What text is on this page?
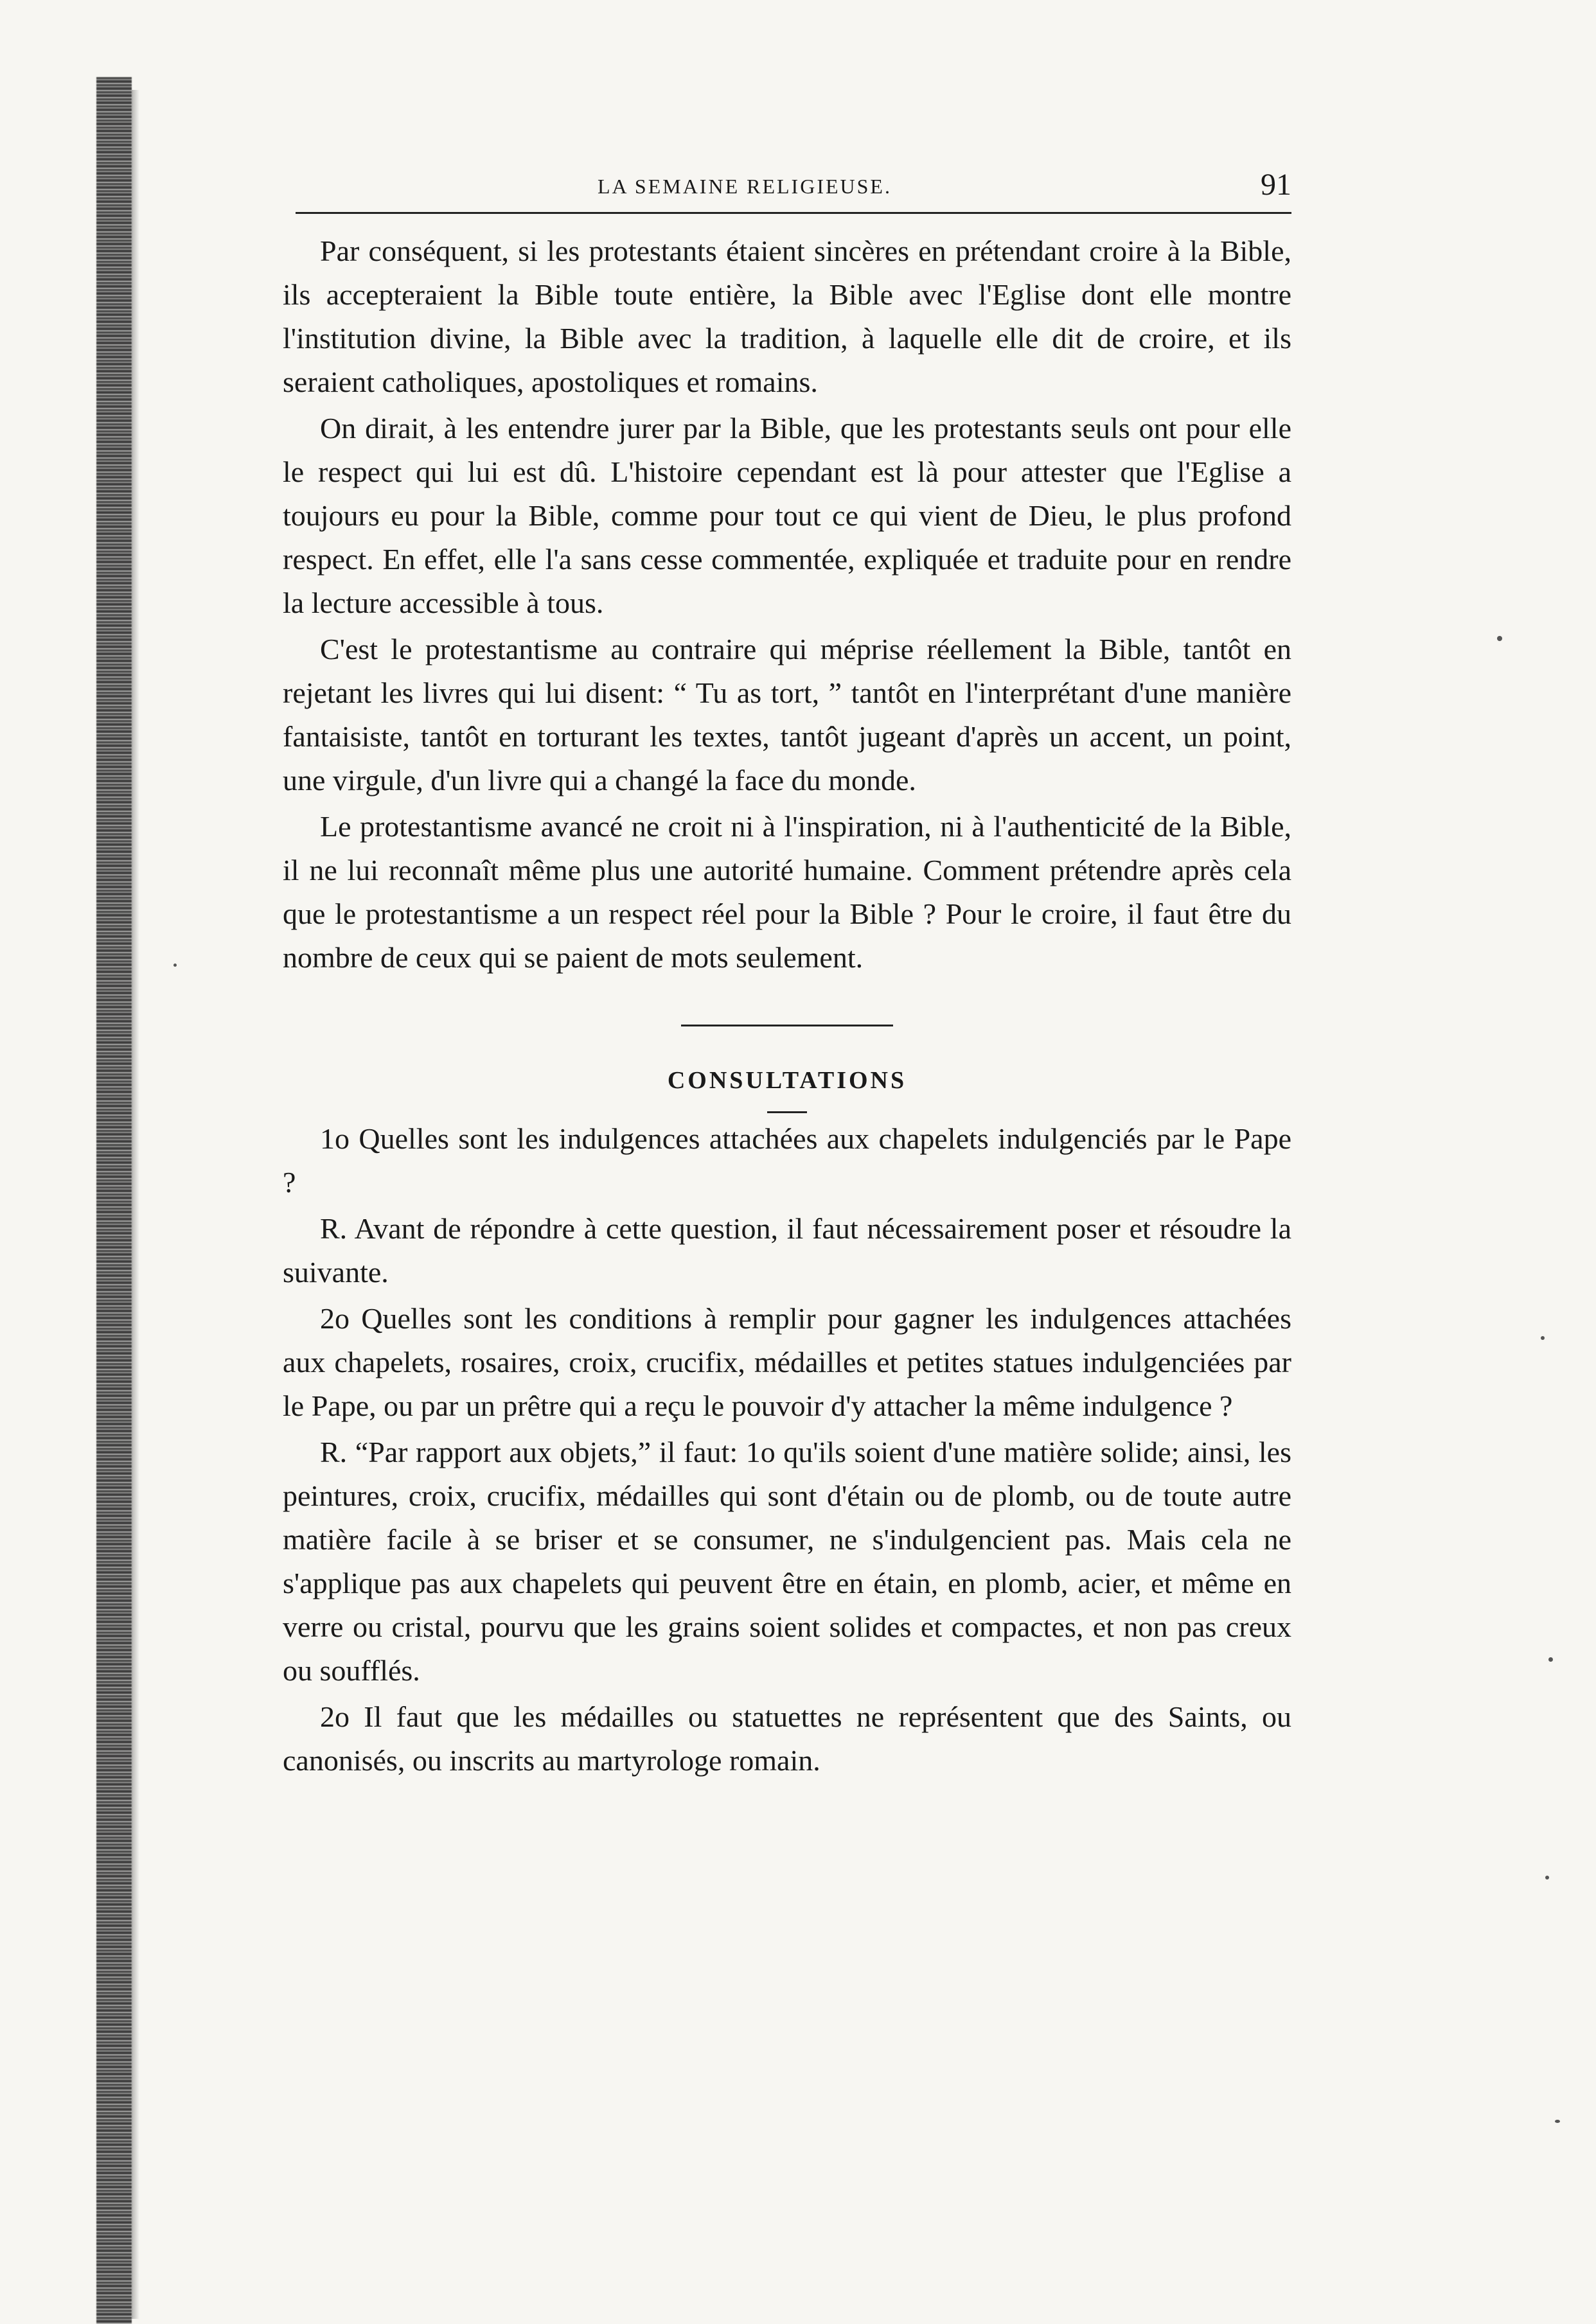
LA SEMAINE RELIGIEUSE.	91

Par conséquent, si les protestants étaient sincères en prétendant croire à la Bible, ils accepteraient la Bible toute entière, la Bible avec l'Eglise dont elle montre l'institution divine, la Bible avec la tradition, à laquelle elle dit de croire, et ils seraient catholiques, apostoliques et romains.

On dirait, à les entendre jurer par la Bible, que les protestants seuls ont pour elle le respect qui lui est dû. L'histoire cependant est là pour attester que l'Eglise a toujours eu pour la Bible, comme pour tout ce qui vient de Dieu, le plus profond respect. En effet, elle l'a sans cesse commentée, expliquée et traduite pour en rendre la lecture accessible à tous.

C'est le protestantisme au contraire qui méprise réellement la Bible, tantôt en rejetant les livres qui lui disent: “ Tu as tort, ” tantôt en l'interprétant d'une manière fantaisiste, tantôt en torturant les textes, tantôt jugeant d'après un accent, un point, une virgule, d'un livre qui a changé la face du monde.

Le protestantisme avancé ne croit ni à l'inspiration, ni à l'authenticité de la Bible, il ne lui reconnaît même plus une autorité humaine. Comment prétendre après cela que le protestantisme a un respect réel pour la Bible ? Pour le croire, il faut être du nombre de ceux qui se paient de mots seulement.

CONSULTATIONS

1o Quelles sont les indulgences attachées aux chapelets indulgenciés par le Pape ?

R. Avant de répondre à cette question, il faut nécessairement poser et résoudre la suivante.

2o Quelles sont les conditions à remplir pour gagner les indulgences attachées aux chapelets, rosaires, croix, crucifix, médailles et petites statues indulgenciées par le Pape, ou par un prêtre qui a reçu le pouvoir d'y attacher la même indulgence ?

R. “Par rapport aux objets,” il faut: 1o qu'ils soient d'une matière solide; ainsi, les peintures, croix, crucifix, médailles qui sont d'étain ou de plomb, ou de toute autre matière facile à se briser et se consumer, ne s'indulgencient pas. Mais cela ne s'applique pas aux chapelets qui peuvent être en étain, en plomb, acier, et même en verre ou cristal, pourvu que les grains soient solides et compactes, et non pas creux ou soufflés.

2o Il faut que les médailles ou statuettes ne représentent que des Saints, ou canonisés, ou inscrits au martyrologe romain.
